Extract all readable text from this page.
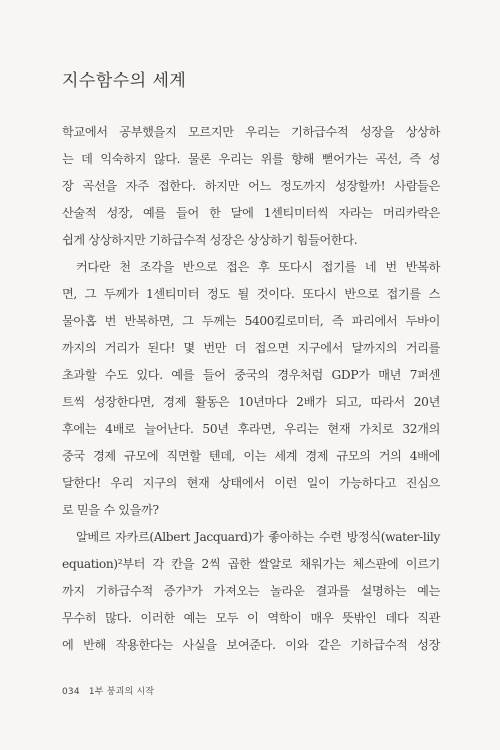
지수함수의 세계
학교에서 공부했을지 모르지만 우리는 기하급수적 성장을 상상하
는 데 익숙하지 않다. 물론 우리는 위를 향해 뻗어가는 곡선, 즉 성
장 곡선을 자주 접한다. 하지만 어느 정도까지 성장할까! 사람들은
산술적 성장, 예를 들어 한 달에 1센티미터씩 자라는 머리카락은
쉽게 상상하지만 기하급수적 성장은 상상하기 힘들어한다.
커다란 천 조각을 반으로 접은 후 또다시 접기를 네 번 반복하
면, 그 두께가 1센티미터 정도 될 것이다. 또다시 반으로 접기를 스
물아홉 번 반복하면, 그 두께는 5400킬로미터, 즉 파리에서 두바이
까지의 거리가 된다! 몇 번만 더 접으면 지구에서 달까지의 거리를
초과할 수도 있다. 예를 들어 중국의 경우처럼 GDP가 매년 7퍼센
트씩 성장한다면, 경제 활동은 10년마다 2배가 되고, 따라서 20년
후에는 4배로 늘어난다. 50년 후라면, 우리는 현재 가치로 32개의
중국 경제 규모에 직면할 텐데, 이는 세계 경제 규모의 거의 4배에
달한다! 우리 지구의 현재 상태에서 이런 일이 가능하다고 진심으
로 믿을 수 있을까?
알베르 자카르(Albert Jacquard)가 좋아하는 수련 방정식(water-lily
equation)²부터 각 칸을 2씩 곱한 쌀알로 채워가는 체스판에 이르기
까지 기하급수적 증가³가 가져오는 놀라운 결과를 설명하는 예는
무수히 많다. 이러한 예는 모두 이 역학이 매우 뜻밖인 데다 직관
에 반해 작용한다는 사실을 보여준다. 이와 같은 기하급수적 성장
034 1부 붕괴의 시작
